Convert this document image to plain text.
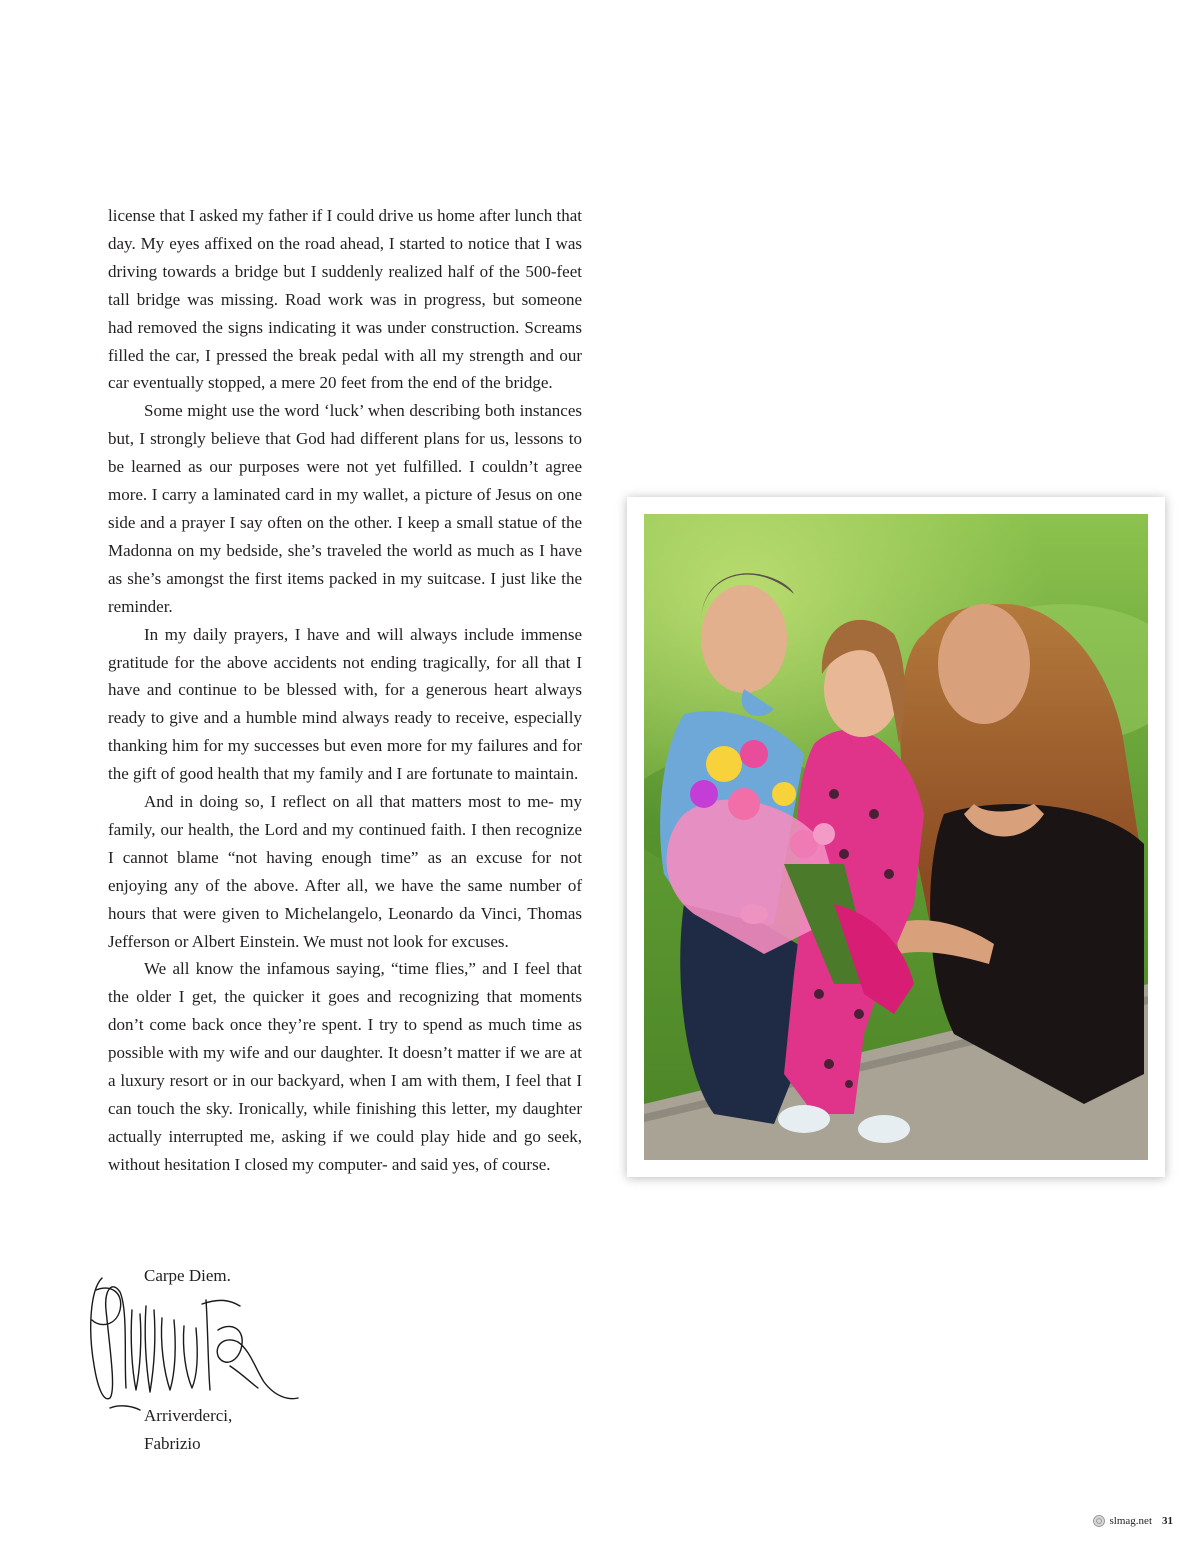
license that I asked my father if I could drive us home after lunch that day. My eyes affixed on the road ahead, I started to notice that I was driving towards a bridge but I suddenly realized half of the 500-feet tall bridge was missing. Road work was in progress, but someone had removed the signs indicating it was under construction. Screams filled the car, I pressed the break pedal with all my strength and our car eventually stopped, a mere 20 feet from the end of the bridge.

Some might use the word ‘luck’ when describing both instances but, I strongly believe that God had different plans for us, lessons to be learned as our purposes were not yet fulfilled. I couldn’t agree more. I carry a laminated card in my wallet, a picture of Jesus on one side and a prayer I say often on the other. I keep a small statue of the Madonna on my bedside, she’s traveled the world as much as I have as she’s amongst the first items packed in my suitcase. I just like the reminder.

In my daily prayers, I have and will always include immense gratitude for the above accidents not ending tragically, for all that I have and continue to be blessed with, for a generous heart always ready to give and a humble mind always ready to receive, especially thanking him for my successes but even more for my failures and for the gift of good health that my family and I are fortunate to maintain.

And in doing so, I reflect on all that matters most to me- my family, our health, the Lord and my continued faith. I then recognize I cannot blame “not having enough time” as an excuse for not enjoying any of the above. After all, we have the same number of hours that were given to Michelangelo, Leonardo da Vinci, Thomas Jefferson or Albert Einstein. We must not look for excuses.

We all know the infamous saying, “time flies,” and I feel that the older I get, the quicker it goes and recognizing that moments don’t come back once they’re spent. I try to spend as much time as possible with my wife and our daughter. It doesn’t matter if we are at a luxury resort or in our backyard, when I am with them, I feel that I can touch the sky. Ironically, while finishing this letter, my daughter actually interrupted me, asking if we could play hide and go seek, without hesitation I closed my computer- and said yes, of course.

Carpe Diem.
Arriverderci,
Fabrizio
slmag.net 31
